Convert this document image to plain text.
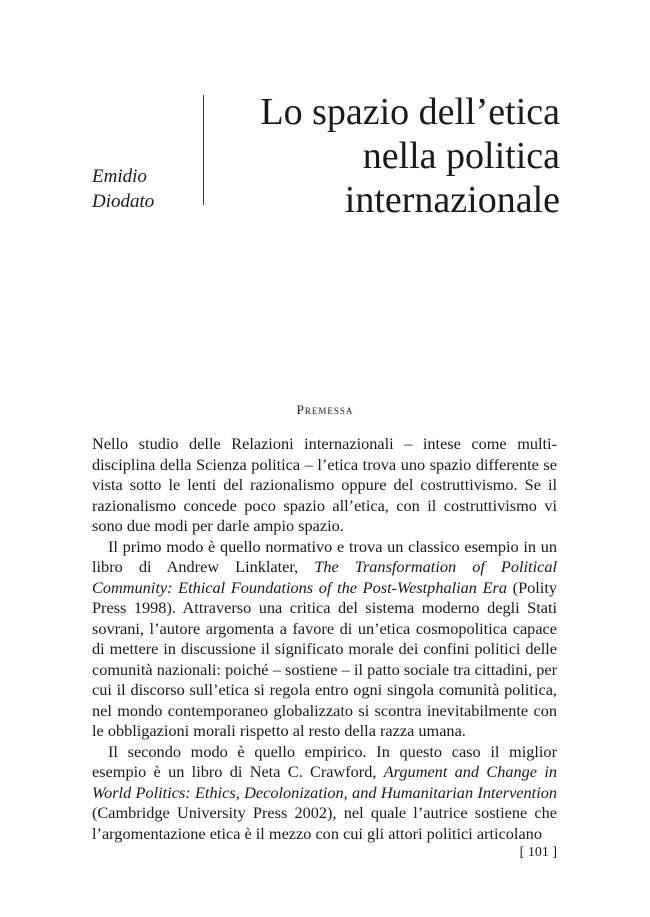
Emidio
Diodato
Lo spazio dell’etica
nella politica
internazionale
Premessa

Nello studio delle Relazioni internazionali – intese come multi-disciplina della Scienza politica – l’etica trova uno spazio differente se vista sotto le lenti del razionalismo oppure del costruttivismo. Se il razionalismo concede poco spazio all’etica, con il costruttivismo vi sono due modi per darle ampio spazio.

Il primo modo è quello normativo e trova un classico esempio in un libro di Andrew Linklater, The Transformation of Political Community: Ethical Foundations of the Post-Westphalian Era (Polity Press 1998). Attraverso una critica del sistema moderno degli Stati sovrani, l’autore argomenta a favore di un’etica cosmopolitica capace di mettere in discussione il significato morale dei confini politici delle comunità nazionali: poiché – sostiene – il patto sociale tra cittadini, per cui il discorso sull’etica si regola entro ogni singola comunità politica, nel mondo contemporaneo globalizzato si scontra inevitabilmente con le obbligazioni morali rispetto al resto della razza umana.

Il secondo modo è quello empirico. In questo caso il miglior esempio è un libro di Neta C. Crawford, Argument and Change in World Politics: Ethics, Decolonization, and Humanitarian Intervention (Cambridge University Press 2002), nel quale l’autrice sostiene che l’argomentazione etica è il mezzo con cui gli attori politici articolano

[ 101 ]
